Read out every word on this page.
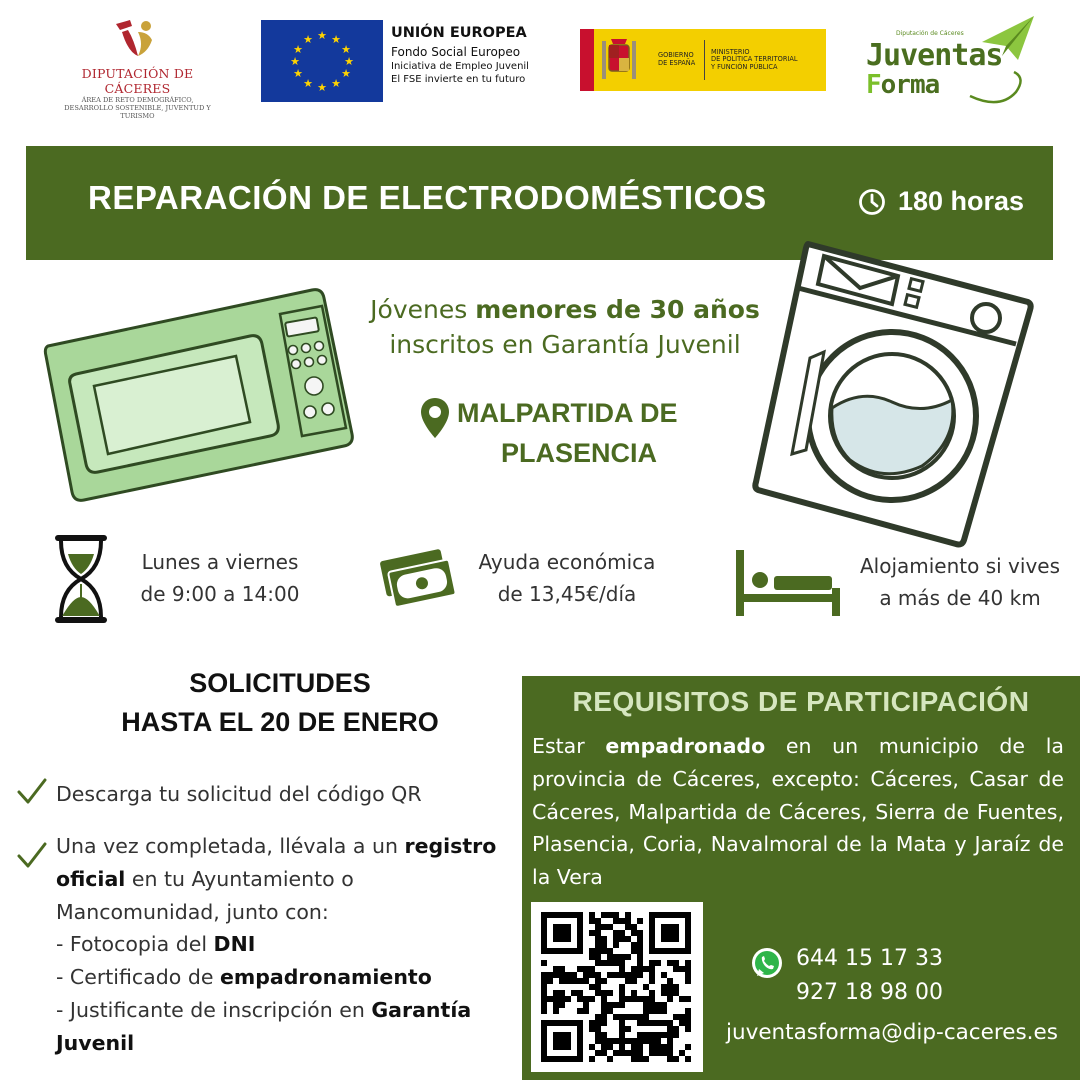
DIPUTACIÓN DE CÁCERES
ÁREA DE RETO DEMOGRÁFICO,
DESARROLLO SOSTENIBLE, JUVENTUD Y TURISMO
★ ★
★
★
★
★
★
★
★
★
★
★	UNIÓN EUROPEA
Fondo Social Europeo
Iniciativa de Empleo Juvenil
El FSE invierte en tu futuro
GOBIERNO
DE ESPAÑA
MINISTERIO
DE POLÍTICA TERRITORIAL
Y FUNCIÓN PÚBLICA
Diputación de Cáceres
Juventas
Forma
REPARACIÓN DE ELECTRODOMÉSTICOS	180 horas
Jóvenes menores de 30 años
inscritos en Garantía Juvenil
MALPARTIDA DE
PLASENCIA
Lunes a viernes
de 9:00 a 14:00
Ayuda económica
de 13,45€/día
Alojamiento si vives
a más de 40 km
SOLICITUDES
HASTA EL 20 DE ENERO
Descarga tu solicitud del código QR
Una vez completada, llévala a un registro
oficial en tu Ayuntamiento o
Mancomunidad, junto con:
- Fotocopia del DNI
- Certificado de empadronamiento
- Justificante de inscripción en Garantía
Juvenil
REQUISITOS DE PARTICIPACIÓN
Estar empadronado en un municipio de la provincia de Cáceres, excepto: Cáceres, Casar de Cáceres, Malpartida de Cáceres, Sierra de Fuentes, Plasencia, Coria, Navalmoral de la Mata y Jaraíz de la Vera
644 15 17 33
927 18 98 00
juventasforma@dip-caceres.es
